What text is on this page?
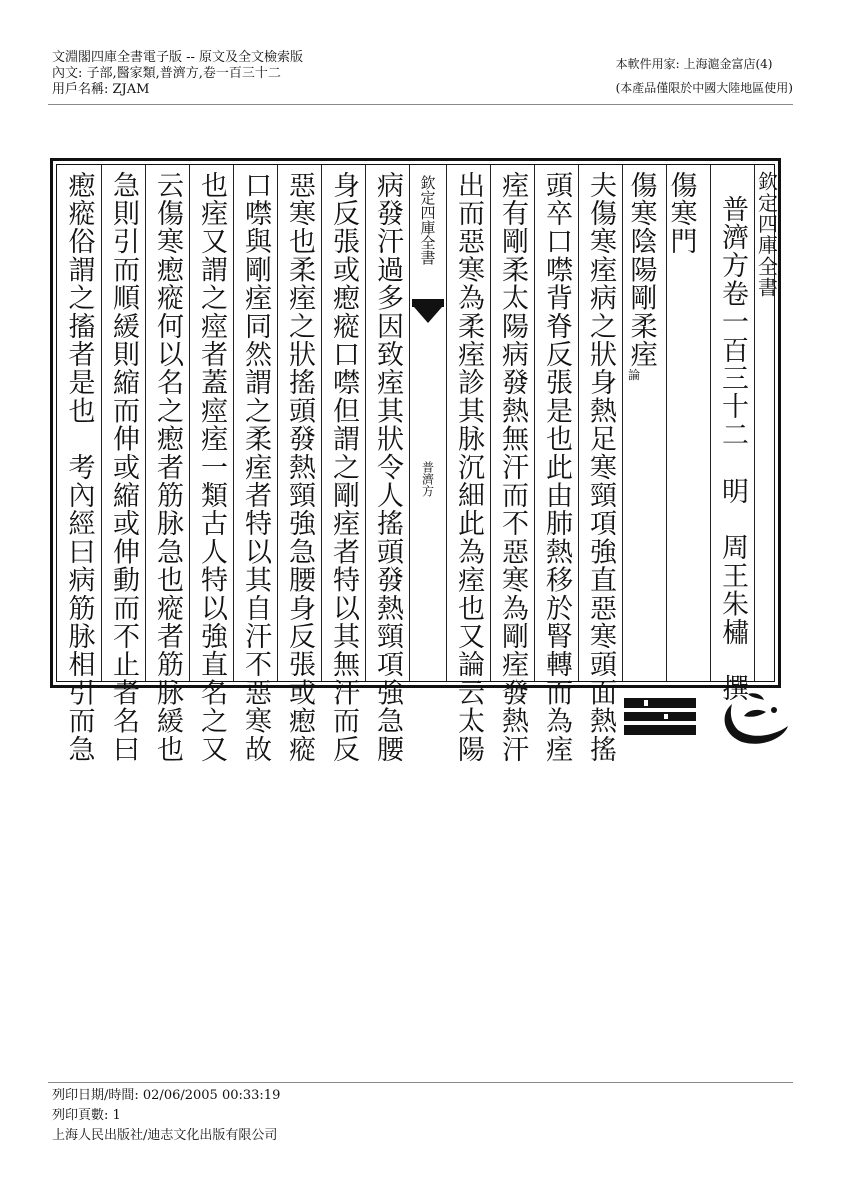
文淵閣四庫全書電子版 -- 原文及全文檢索版
內文: 子部,醫家類,普濟方,卷一百三十二
用戶名稱: ZJAM
本軟件用家: 上海滬金富店(4)
(本產品僅限於中國大陸地區使用)
瘛瘲俗謂之搐者是也　考內經曰病筋脉相引而急 急則引而順緩則縮而伸或縮或伸動而不止者名曰 云傷寒瘛瘲何以名之瘛者筋脉急也瘲者筋脉緩也 也痓又謂之痙者蓋痙痓一類古人特以強直名之又 口噤與剛痓同然謂之柔痓者特以其自汗不惡寒故 惡寒也柔痓之狀搖頭發熱頸強急腰身反張或瘛瘲 身反張或瘛瘲口噤但謂之剛痓者特以其無汗而反 病發汗過多因致痓其狀令人搖頭發熱頸項強急腰 欽定四庫全書
普濟方 出而惡寒為柔痓診其脉沉細此為痓也又論云太陽 痓有剛柔太陽病發熱無汗而不惡寒為剛痓發熱汗 頭卒口噤背脊反張是也此由肺熱移於腎轉而為痓 夫傷寒痓病之狀身熱足寒頸項強直惡寒頭面熱搖 傷寒陰陽剛柔痓論
傷寒門 普濟方卷一百三十二　明　周王朱橚　撰 欽定四庫全書
列印日期/時間: 02/06/2005 00:33:19
列印頁數: 1
上海人民出版社/迪志文化出版有限公司
